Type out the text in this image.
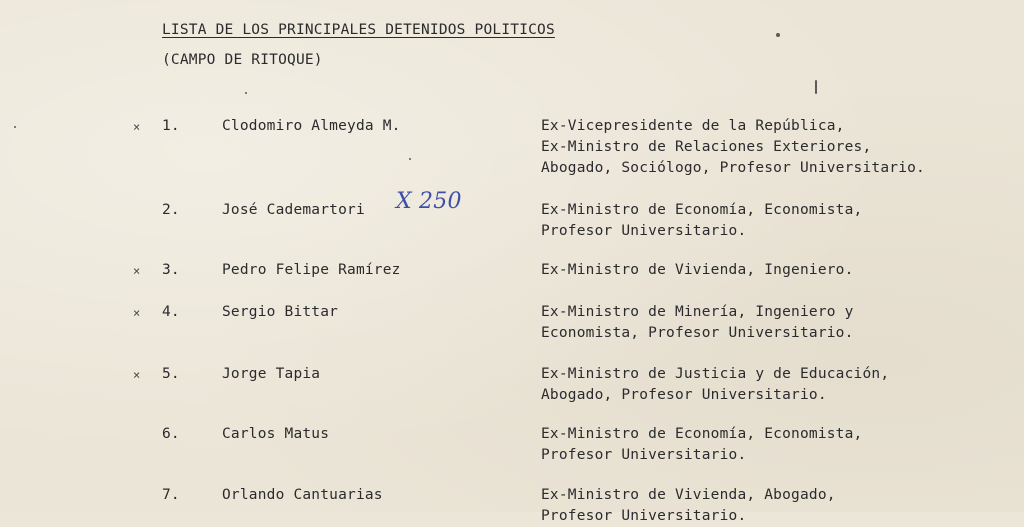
LISTA DE LOS PRINCIPALES DETENIDOS POLITICOS
(CAMPO DE RITOQUE)
× 1.	Clodomiro Almeyda M.	Ex-Vicepresidente de la República,
Ex-Ministro de Relaciones Exteriores,
Abogado, Sociólogo, Profesor Universitario.
2.	José Cademartori X 250	Ex-Ministro de Economía, Economista,
Profesor Universitario.
× 3.	Pedro Felipe Ramírez	Ex-Ministro de Vivienda, Ingeniero.
× 4.	Sergio Bittar	Ex-Ministro de Minería, Ingeniero y
Economista, Profesor Universitario.
× 5.	Jorge Tapia	Ex-Ministro de Justicia y de Educación,
Abogado, Profesor Universitario.
6.	Carlos Matus	Ex-Ministro de Economía, Economista,
Profesor Universitario.
7.	Orlando Cantuarias	Ex-Ministro de Vivienda, Abogado,
Profesor Universitario.
